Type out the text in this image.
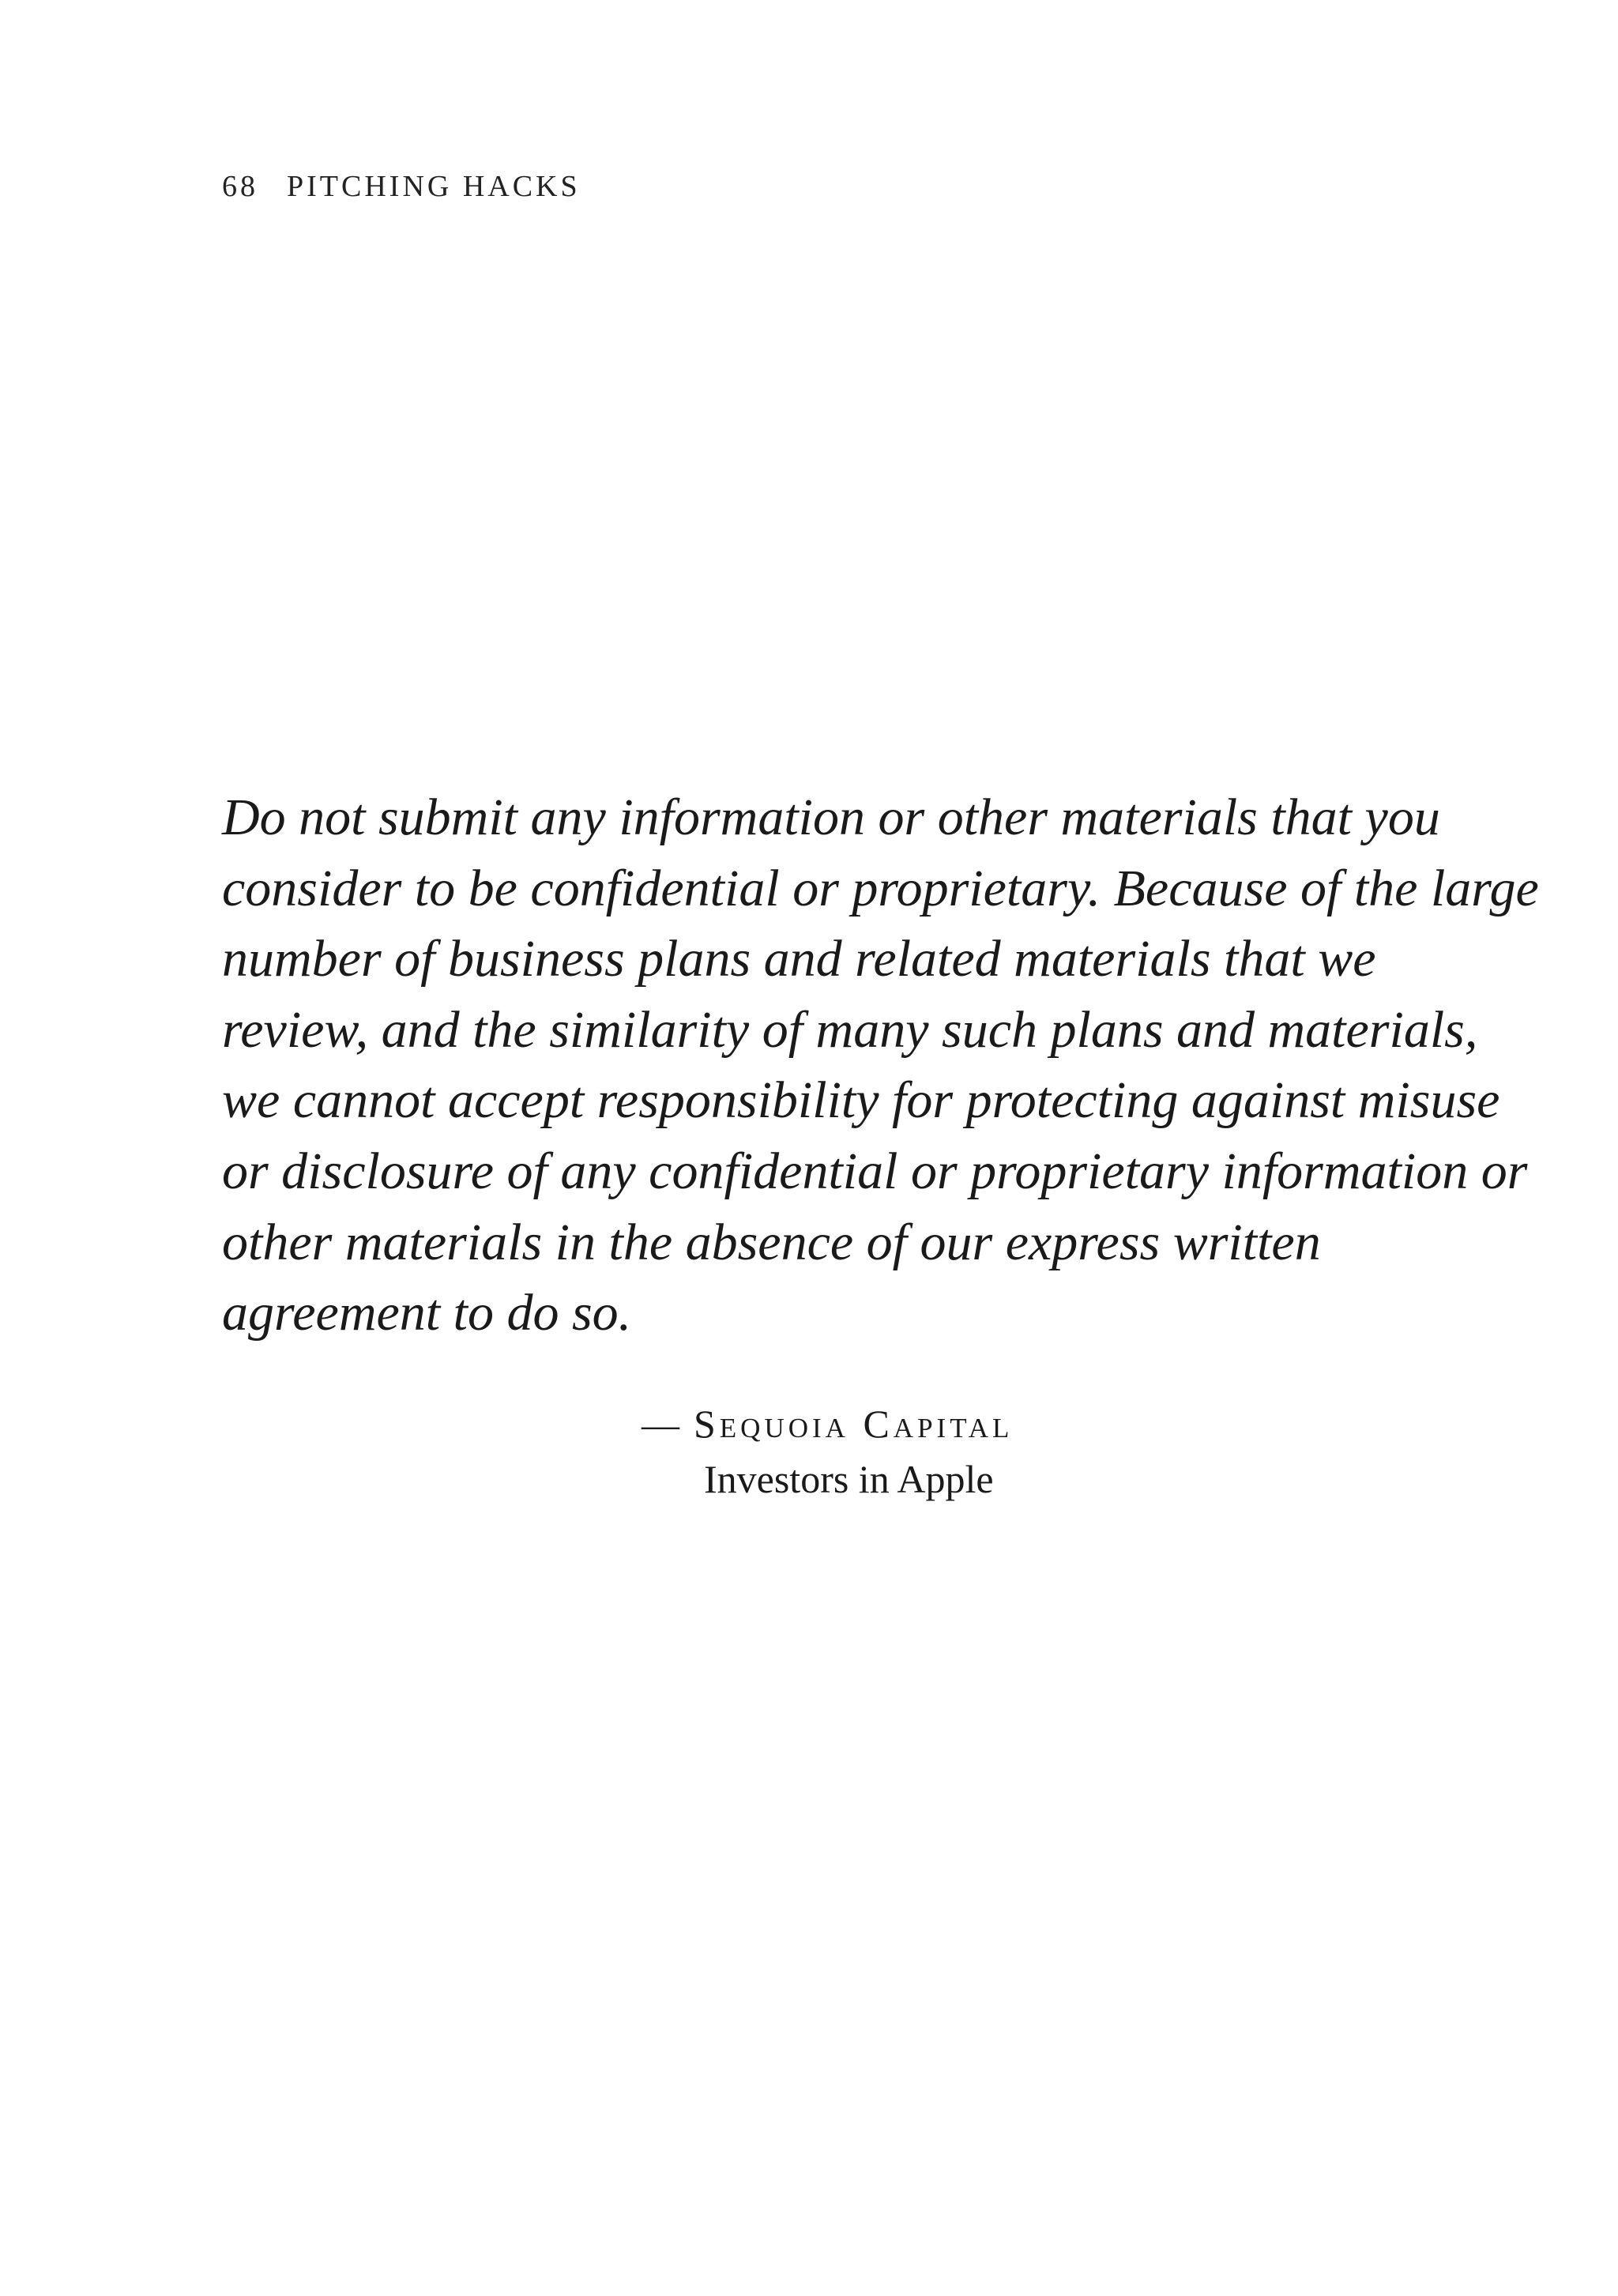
68 PITCHING HACKS
Do not submit any information or other materials that you
consider to be confidential or proprietary. Because of the large
number of business plans and related materials that we
review, and the similarity of many such plans and materials,
we cannot accept responsibility for protecting against misuse
or disclosure of any confidential or proprietary information or
other materials in the absence of our express written
agreement to do so.
— Sequoia Capital
Investors in Apple
